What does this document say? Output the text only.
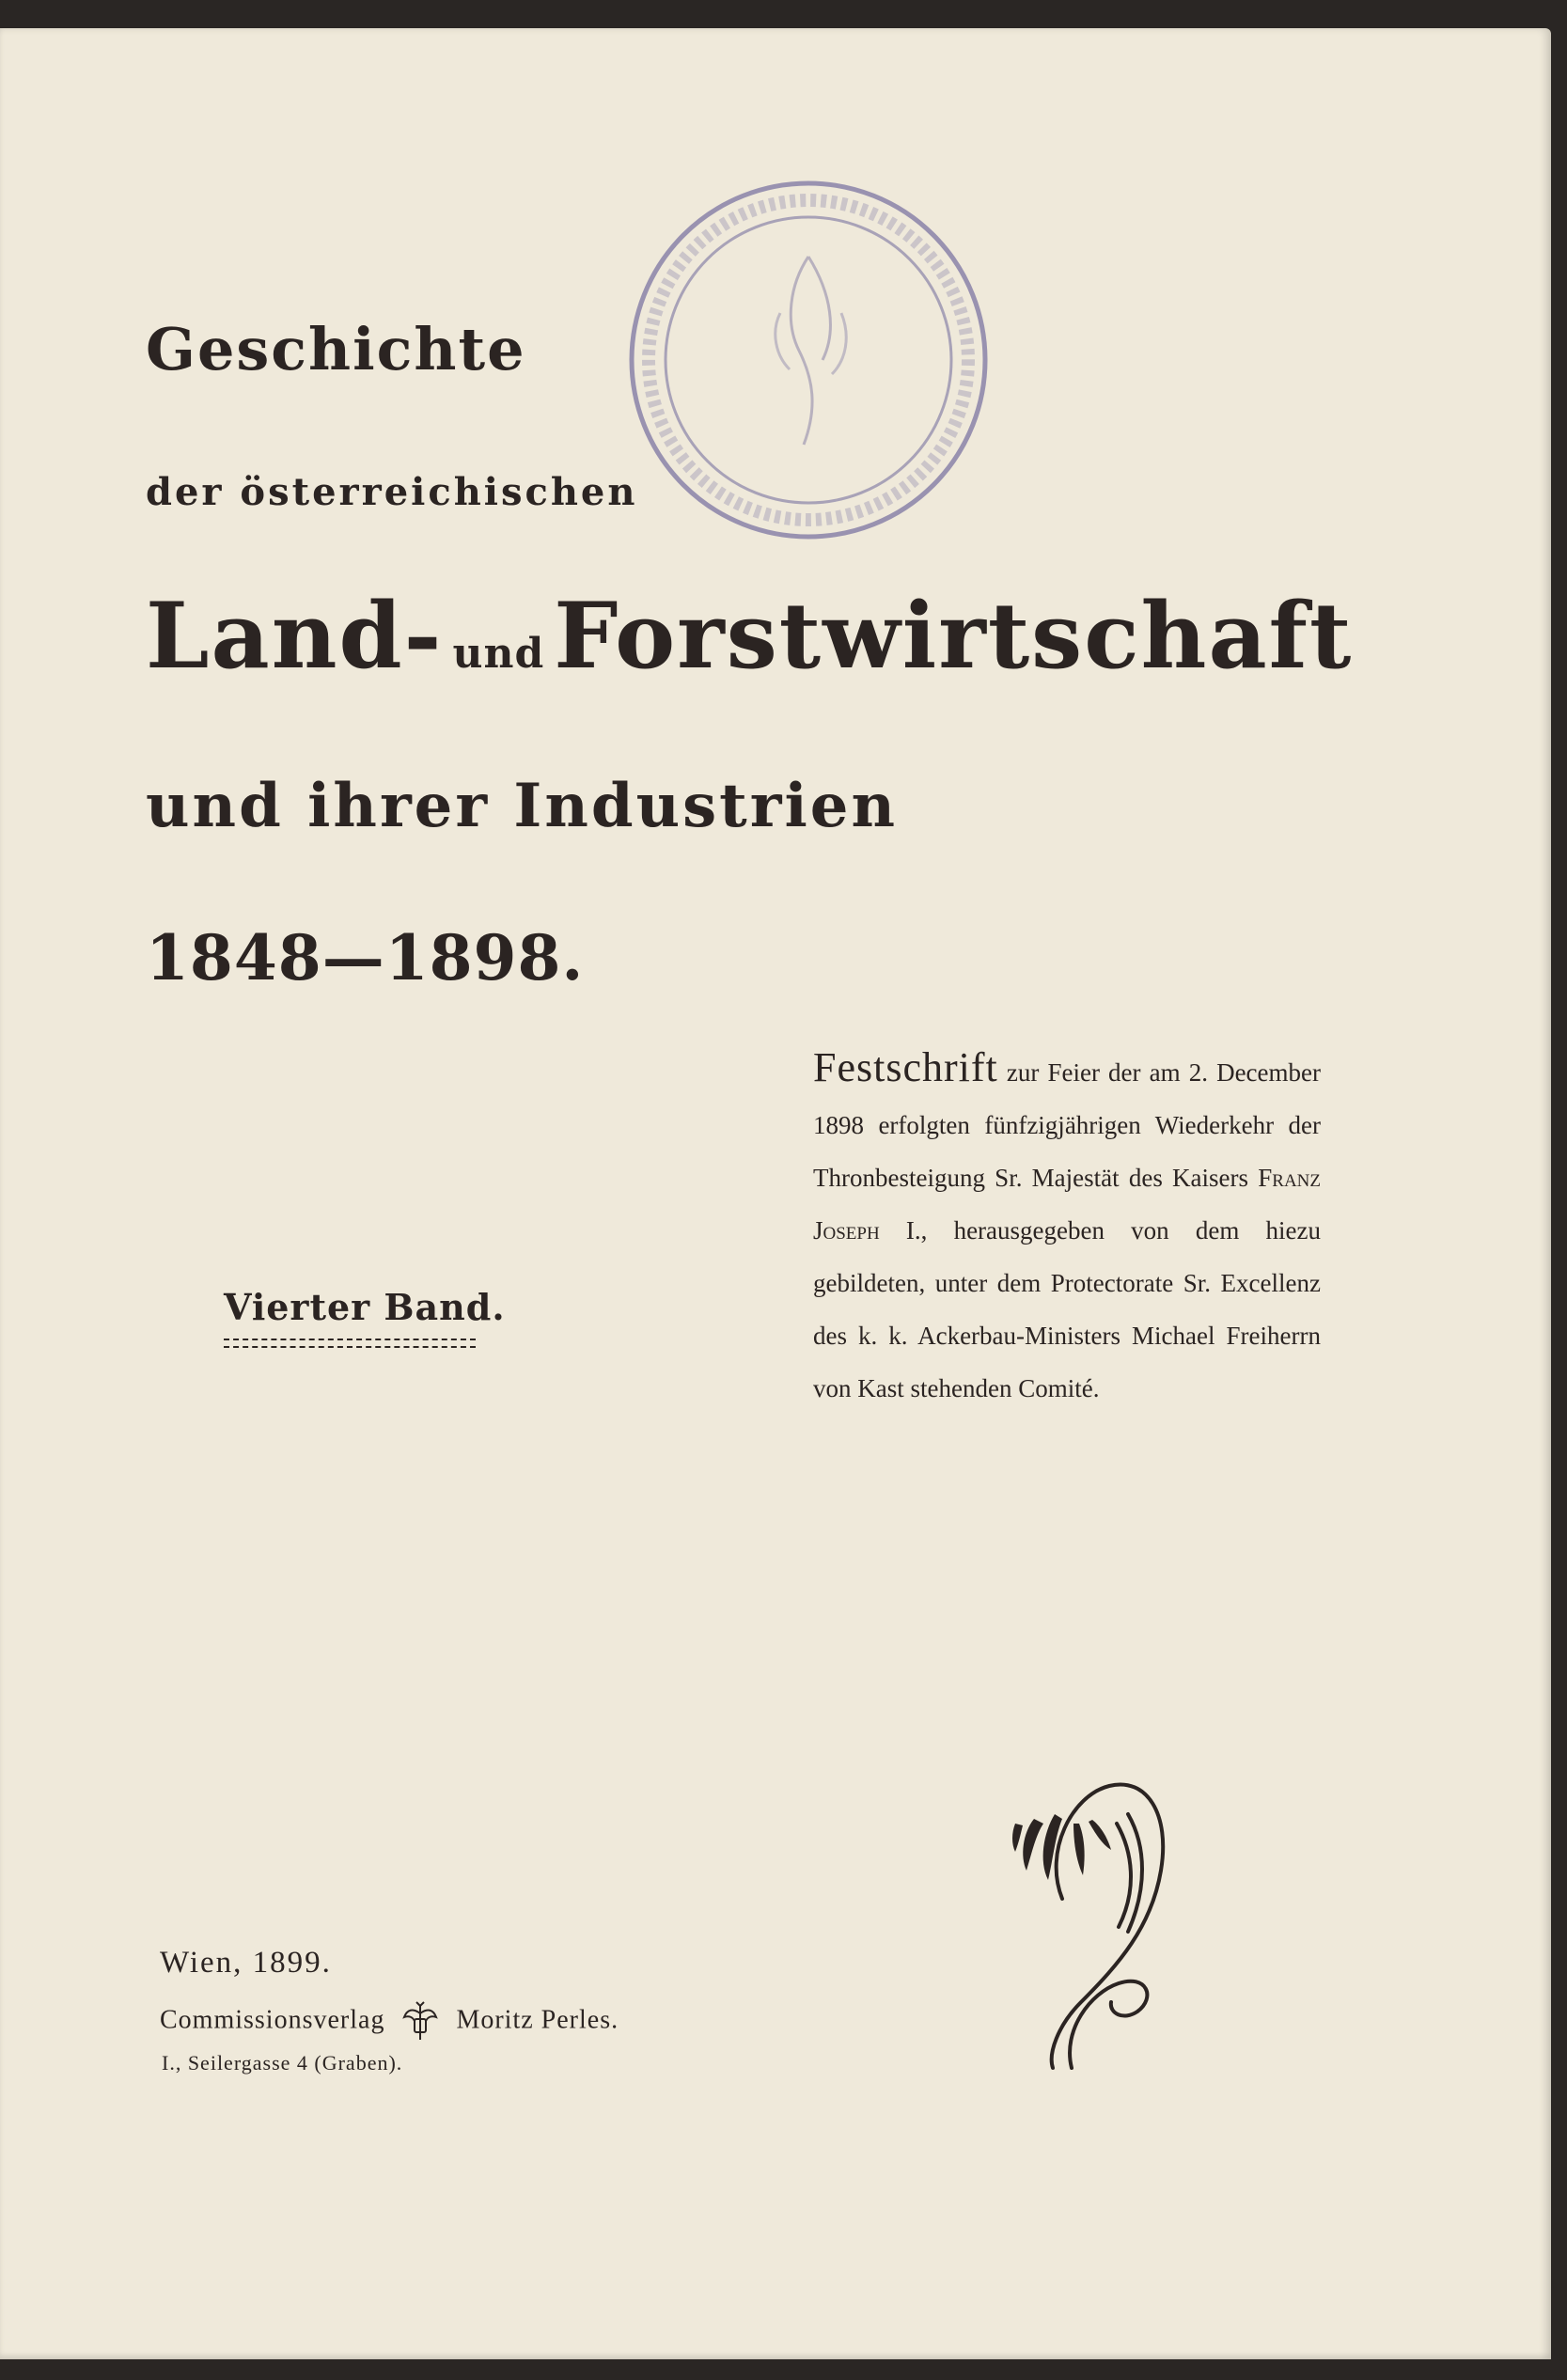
Geschichte
der österreichischen
Land- und Forstwirtschaft
und ihrer Industrien
1848—1898.
Vierter Band.

Festschrift zur Feier der am 2. December 1898 erfolgten fünfzigjährigen Wiederkehr der Thronbesteigung Sr. Majestät des Kaisers Franz Joseph I., herausgegeben von dem hiezu gebildeten, unter dem Protectorate Sr. Excellenz des k. k. Ackerbau-Ministers Michael Freiherrn von Kast stehenden Comité.

Wien, 1899.
Commissionsverlag	Moritz Perles.
I., Seilergasse 4 (Graben).
